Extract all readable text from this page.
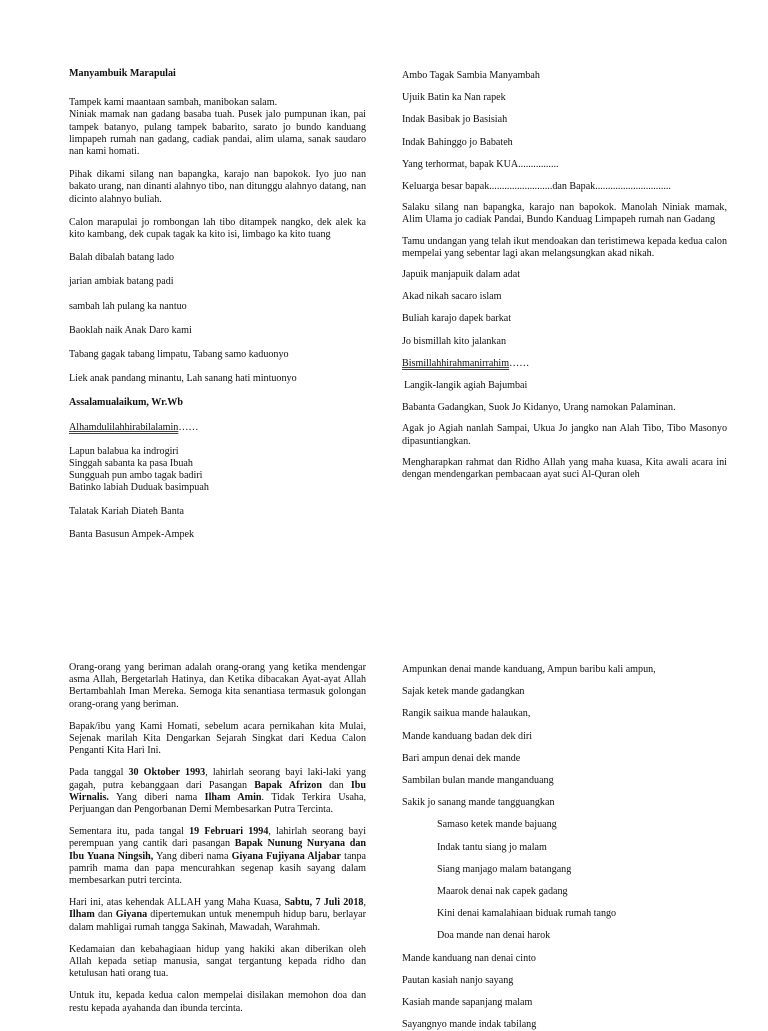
Manyambuik Marapulai

Tampek kami maantaan sambah, manibokan salam.

Niniak mamak nan gadang basaba tuah. Pusek jalo pumpunan ikan, pai tampek batanyo, pulang tampek babarito, sarato jo bundo kanduang limpapeh rumah nan gadang, cadiak pandai, alim ulama, sanak saudaro nan kami homati.

Pihak dikami silang nan bapangka, karajo nan bapokok. Iyo juo nan bakato urang, nan dinanti alahnyo tibo, nan ditunggu alahnyo datang, nan dicinto alahnyo buliah.

Calon marapulai jo rombongan lah tibo ditampek nangko, dek alek ka kito kambang, dek cupak tagak ka kito isi, limbago ka kito tuang

Balah dibalah batang lado

jarian ambiak batang padi

sambah lah pulang ka nantuo

Baoklah naik Anak Daro kami

Tabang gagak tabang limpatu, Tabang samo kaduonyo

Liek anak pandang minantu, Lah sanang hati mintuonyo

Assalamualaikum, Wr.Wb

Alhamdulilahhirabilalamin……

Lapun balabua ka indrogiri

Singgah sabanta ka pasa Ibuah

Sungguah pun ambo tagak badiri

Batinko labiah Duduak basimpuah

Talatak Kariah Diateh Banta

Banta Basusun Ampek-Ampek

Ambo Tagak Sambia Manyambah

Ujuik Batin ka Nan rapek

Indak Basibak jo Basisiah

Indak Bahinggo jo Babateh

Yang terhormat, bapak KUA................

Keluarga besar bapak.........................dan Bapak..............................

Salaku silang nan bapangka, karajo nan bapokok. Manolah Niniak mamak, Alim Ulama jo cadiak Pandai, Bundo Kanduag Limpapeh rumah nan Gadang

Tamu undangan yang telah ikut mendoakan dan teristimewa kepada kedua calon mempelai yang sebentar lagi akan melangsungkan akad nikah.

Japuik manjapuik dalam adat

Akad nikah sacaro islam

Buliah karajo dapek barkat

Jo bismillah kito jalankan

Bismillahhirahmanirrahim……

Langik-langik agiah Bajumbai

Babanta Gadangkan, Suok Jo Kidanyo, Urang namokan Palaminan.

Agak jo Agiah nanlah Sampai, Ukua Jo jangko nan Alah Tibo, Tibo Masonyo dipasuntiangkan.

Mengharapkan rahmat dan Ridho Allah yang maha kuasa, Kita awali acara ini dengan mendengarkan pembacaan ayat suci Al-Quran oleh

Orang-orang yang beriman adalah orang-orang yang ketika mendengar asma Allah, Bergetarlah Hatinya, dan Ketika dibacakan Ayat-ayat Allah Bertambahlah Iman Mereka. Semoga kita senantiasa termasuk golongan orang-orang yang beriman.

Bapak/ibu yang Kami Homati, sebelum acara pernikahan kita Mulai, Sejenak marilah Kita Dengarkan Sejarah Singkat dari Kedua Calon Penganti Kita Hari Ini.

Pada tanggal 30 Oktober 1993, lahirlah seorang bayi laki-laki yang gagah, putra kebanggaan dari Pasangan Bapak Afrizon dan Ibu Wirnalis. Yang diberi nama Ilham Amin. Tidak Terkira Usaha, Perjuangan dan Pengorbanan Demi Membesarkan Putra Tercinta.

Sementara itu, pada tangal 19 Februari 1994, lahirlah seorang bayi perempuan yang cantik dari pasangan Bapak Nunung Nuryana dan Ibu Yuana Ningsih, Yang diberi nama Giyana Fujiyana Aljabar tanpa pamrih mama dan papa mencurahkan segenap kasih sayang dalam membesarkan putri tercinta.

Hari ini, atas kehendak ALLAH yang Maha Kuasa, Sabtu, 7 Juli 2018, Ilham dan Giyana dipertemukan untuk menempuh hidup baru, berlayar dalam mahligai rumah tangga Sakinah, Mawadah, Warahmah.

Kedamaian dan kebahagiaan hidup yang hakiki akan diberikan oleh Allah kepada setiap manusia, sangat tergantung kepada ridho dan ketulusan hati orang tua.

Untuk itu, kepada kedua calon mempelai disilakan memohon doa dan restu kepada ayahanda dan ibunda tercinta.

Ampunkan denai mande kanduang, Ampun baribu kali ampun,

Sajak ketek mande gadangkan

Rangik saikua mande halaukan,

Mande kanduang badan dek diri

Bari ampun denai dek mande

Sambilan bulan mande manganduang

Sakik jo sanang mande tangguangkan

Samaso ketek mande bajuang

Indak tantu siang jo malam

Siang manjago malam batangang

Maarok denai nak capek gadang

Kini denai kamalahiaan biduak rumah tango

Doa mande nan denai harok

Mande kanduang nan denai cinto

Pautan kasiah nanjo sayang

Kasiah mande sapanjang malam

Sayangnyo mande indak tabilang
